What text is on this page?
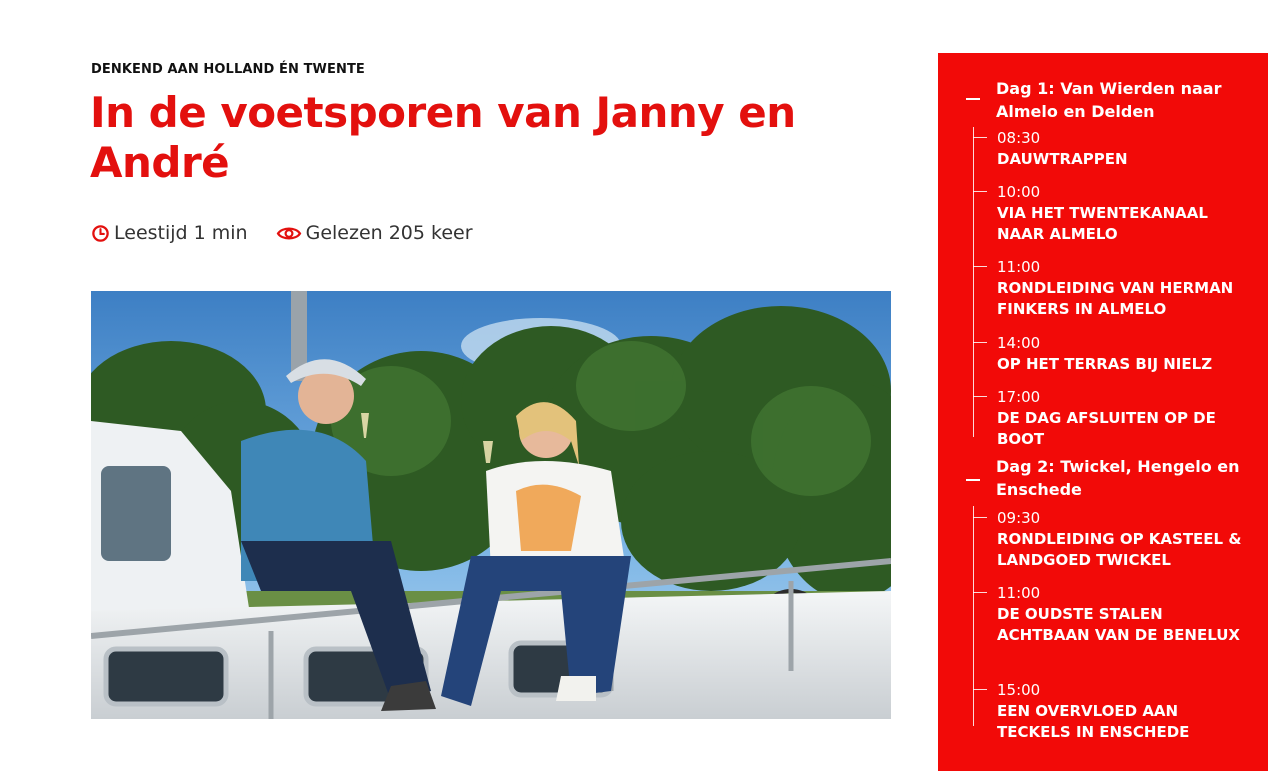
DENKEND AAN HOLLAND ÉN TWENTE
In de voetsporen van Janny en André
Leestijd 1 min	Gelezen 205 keer
Dag 1: Van Wierden naar Almelo en Delden
08:30
DAUWTRAPPEN
10:00
VIA HET TWENTEKANAAL NAAR ALMELO
11:00
RONDLEIDING VAN HERMAN FINKERS IN ALMELO
14:00
OP HET TERRAS BIJ NIELZ
17:00
DE DAG AFSLUITEN OP DE BOOT
Dag 2: Twickel, Hengelo en Enschede
09:30
RONDLEIDING OP KASTEEL & LANDGOED TWICKEL
11:00
DE OUDSTE STALEN ACHTBAAN VAN DE BENELUX
15:00
EEN OVERVLOED AAN TECKELS IN ENSCHEDE
